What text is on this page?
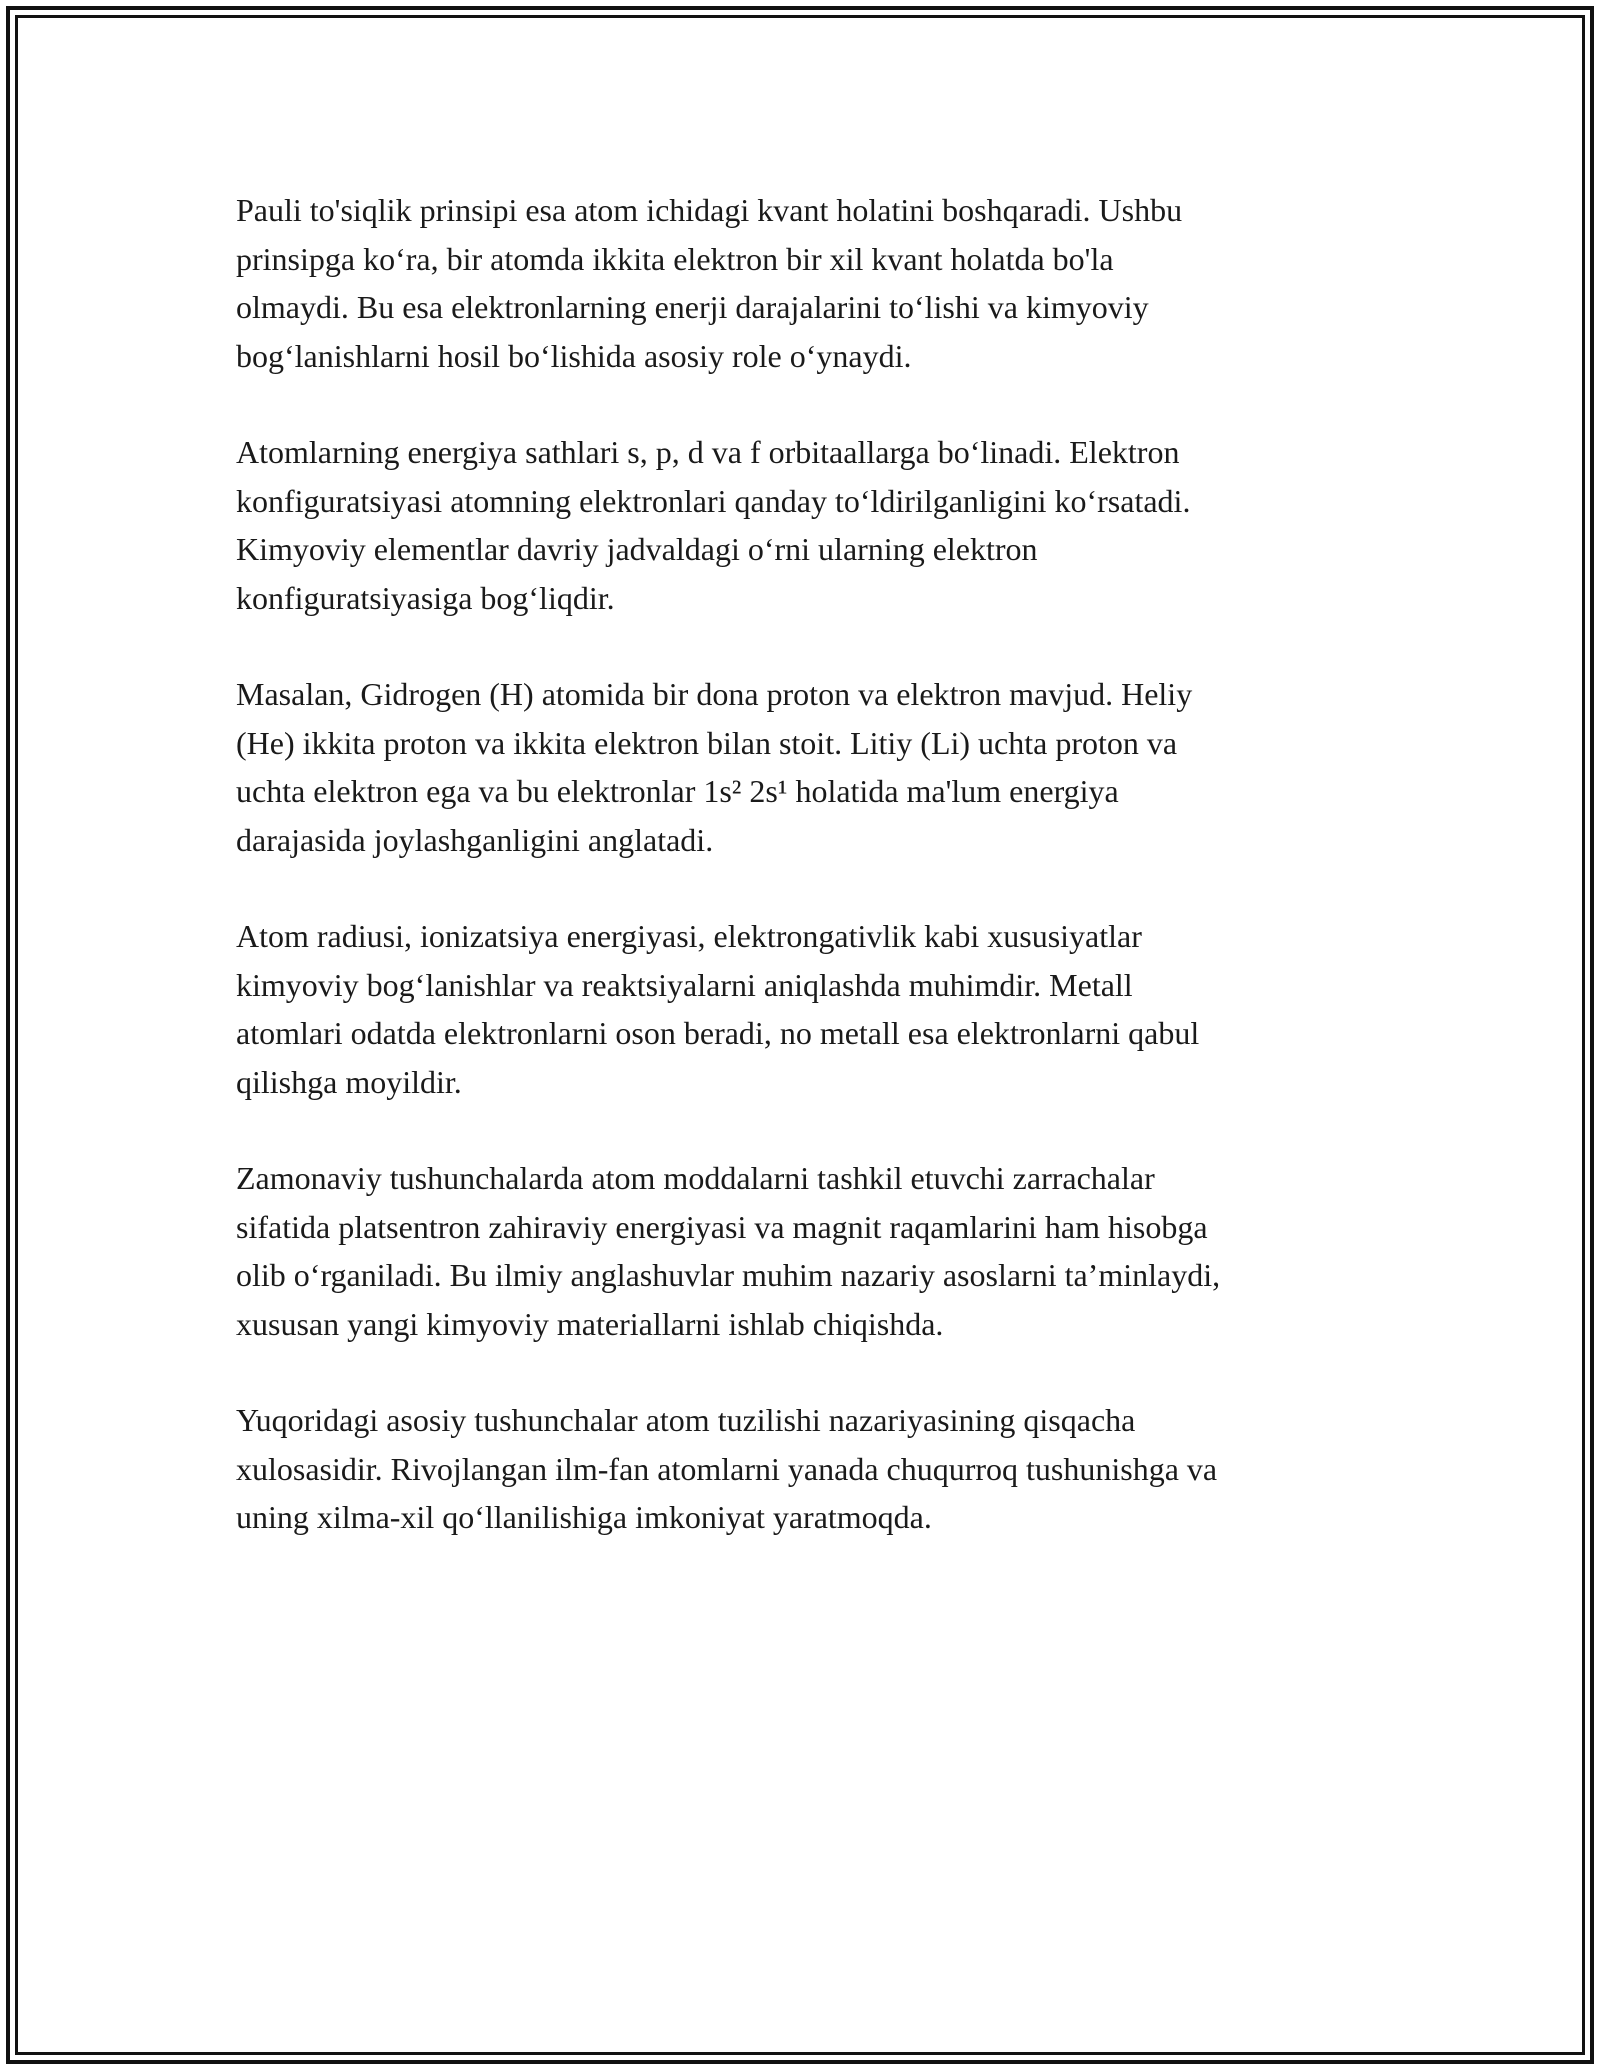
Pauli to'siqlik prinsipi esa atom ichidagi kvant holatini boshqaradi. Ushbu
prinsipga koʻra, bir atomda ikkita elektron bir xil kvant holatda bo'la
olmaydi. Bu esa elektronlarning enerji darajalarini toʻlishi va kimyoviy
bogʻlanishlarni hosil boʻlishida asosiy role oʻynaydi.

Atomlarning energiya sathlari s, p, d va f orbitaallarga boʻlinadi. Elektron
konfiguratsiyasi atomning elektronlari qanday toʻldirilganligini koʻrsatadi.
Kimyoviy elementlar davriy jadvaldagi oʻrni ularning elektron
konfiguratsiyasiga bogʻliqdir.

Masalan, Gidrogen (H) atomida bir dona proton va elektron mavjud. Heliy
(He) ikkita proton va ikkita elektron bilan stoit. Litiy (Li) uchta proton va
uchta elektron ega va bu elektronlar 1s² 2s¹ holatida ma'lum energiya
darajasida joylashganligini anglatadi.

Atom radiusi, ionizatsiya energiyasi, elektrongativlik kabi xususiyatlar
kimyoviy bogʻlanishlar va reaktsiyalarni aniqlashda muhimdir. Metall
atomlari odatda elektronlarni oson beradi, no metall esa elektronlarni qabul
qilishga moyildir.

Zamonaviy tushunchalarda atom moddalarni tashkil etuvchi zarrachalar
sifatida platsentron zahiraviy energiyasi va magnit raqamlarini ham hisobga
olib oʻrganiladi. Bu ilmiy anglashuvlar muhim nazariy asoslarni ta’minlaydi,
xususan yangi kimyoviy materiallarni ishlab chiqishda.

Yuqoridagi asosiy tushunchalar atom tuzilishi nazariyasining qisqacha
xulosasidir. Rivojlangan ilm-fan atomlarni yanada chuqurroq tushunishga va
uning xilma-xil qoʻllanilishiga imkoniyat yaratmoqda.
